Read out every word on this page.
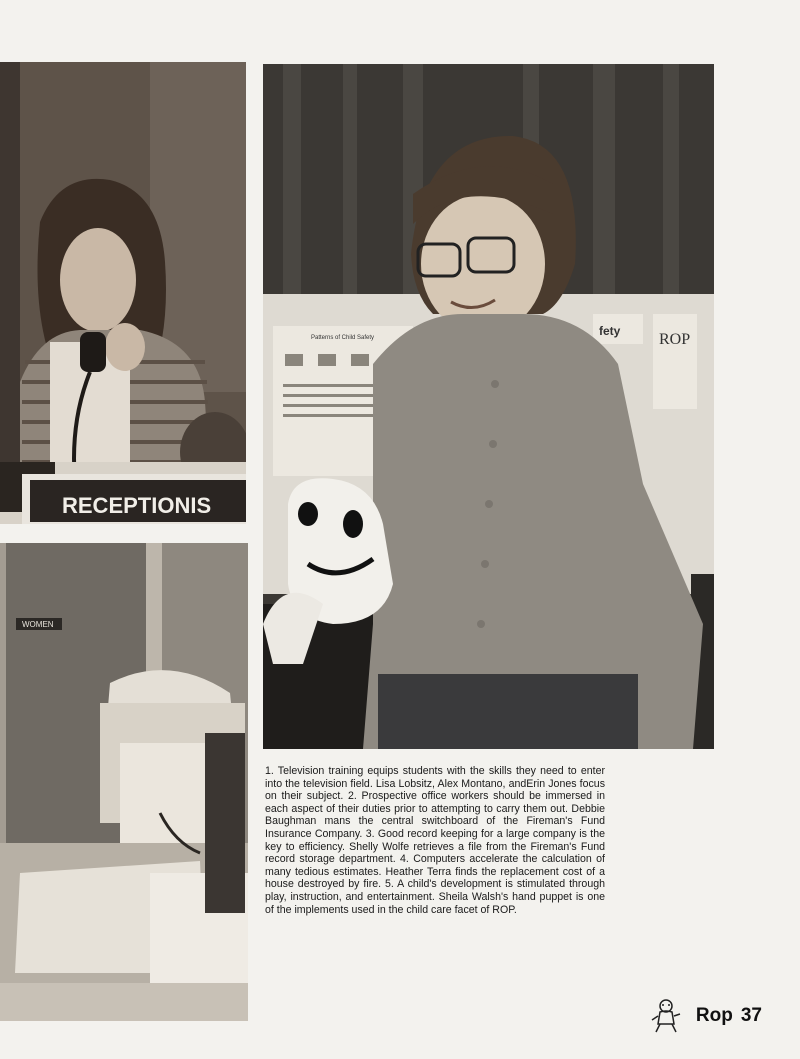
RECEPTIONIS
WOMEN
Patterns of Child Safety	fety ROP

1. Television training equips students with the skills they need to enter into the television field. Lisa Lobsitz, Alex Montano, andErin Jones focus on their subject. 2. Prospective office workers should be immersed in each aspect of their duties prior to attempting to carry them out. Debbie Baughman mans the central switchboard of the Fireman's Fund Insurance Company. 3. Good record keeping for a large company is the key to efficiency. Shelly Wolfe retrieves a file from the Fireman's Fund record storage department. 4. Computers accelerate the calculation of many tedious estimates. Heather Terra finds the replacement cost of a house destroyed by fire. 5. A child's development is stimulated through play, instruction, and entertainment. Sheila Walsh's hand puppet is one of the implements used in the child care facet of ROP.

Rop 37
